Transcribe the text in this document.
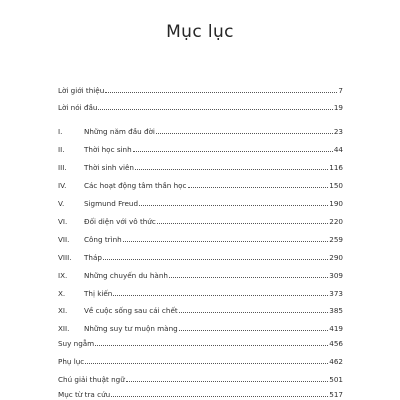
Mục lục
Lời giới thiệu	7
Lời nói đầu	19
I.	Những năm đầu đời	23
II.	Thời học sinh	44
III.	Thời sinh viên	116
IV.	Các hoạt động tâm thần học	150
V.	Sigmund Freud	190
VI.	Đối diện với vô thức	220
VII.	Công trình	259
VIII.	Tháp	290
IX.	Những chuyến du hành	309
X.	Thị kiến	373
XI.	Về cuộc sống sau cái chết	385
XII.	Những suy tư muộn màng	419
Suy ngẫm	456
Phụ lục	462
Chú giải thuật ngữ	501
Mục từ tra cứu	517
